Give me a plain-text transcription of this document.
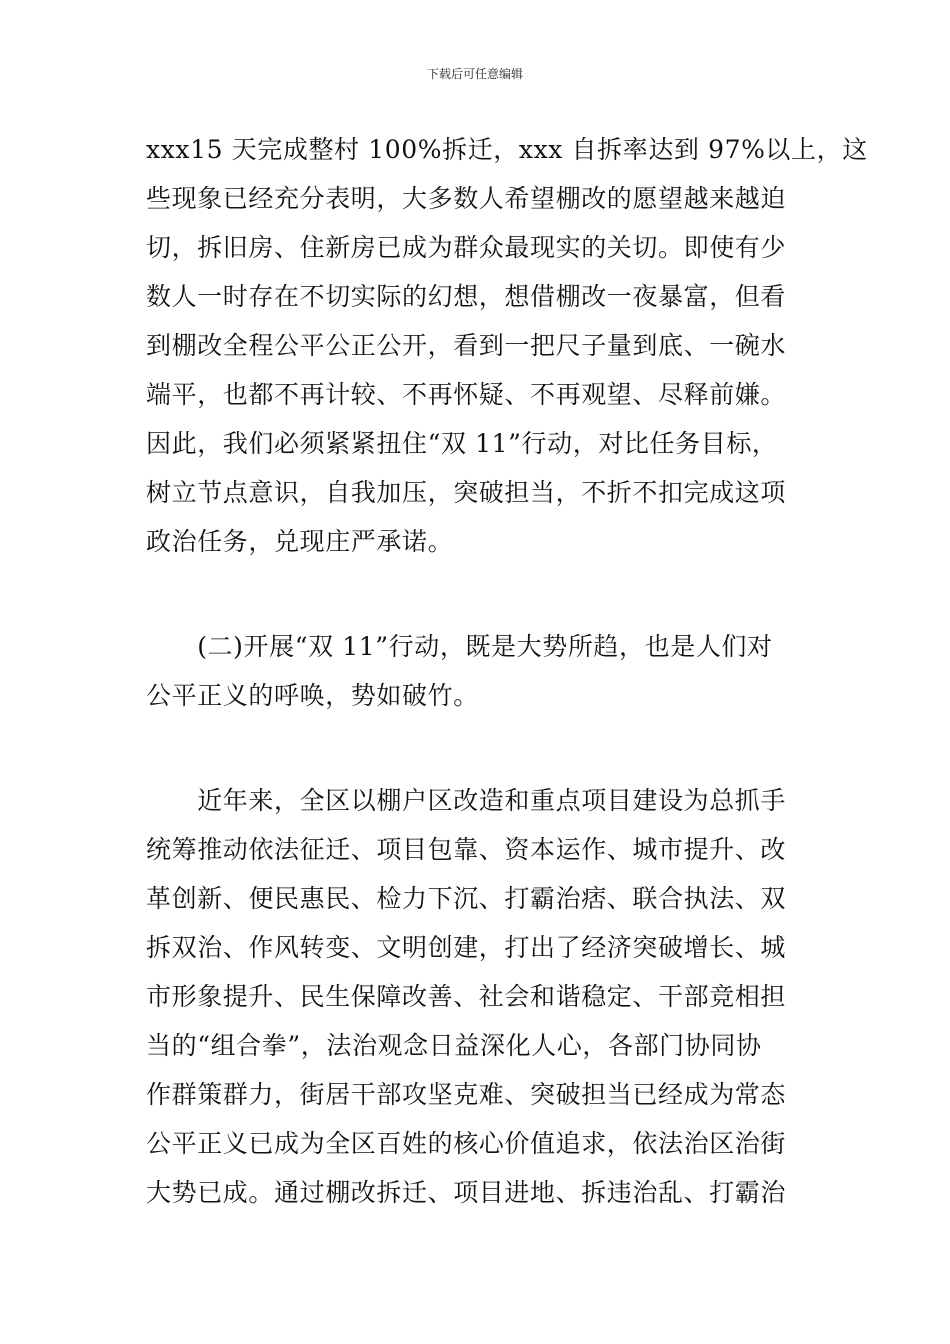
下载后可任意编辑
xxx15 天完成整村 100%拆迁，xxx 自拆率达到 97%以上，这
些现象已经充分表明，大多数人希望棚改的愿望越来越迫
切，拆旧房、住新房已成为群众最现实的关切。即使有少
数人一时存在不切实际的幻想，想借棚改一夜暴富，但看
到棚改全程公平公正公开，看到一把尺子量到底、一碗水
端平，也都不再计较、不再怀疑、不再观望、尽释前嫌。
因此，我们必须紧紧扭住“双 11”行动，对比任务目标，
树立节点意识，自我加压，突破担当，不折不扣完成这项
政治任务，兑现庄严承诺。
　　(二)开展“双 11”行动，既是大势所趋，也是人们对
公平正义的呼唤，势如破竹。
　　近年来，全区以棚户区改造和重点项目建设为总抓手
统筹推动依法征迁、项目包靠、资本运作、城市提升、改
革创新、便民惠民、检力下沉、打霸治痞、联合执法、双
拆双治、作风转变、文明创建，打出了经济突破增长、城
市形象提升、民生保障改善、社会和谐稳定、干部竞相担
当的“组合拳”，法治观念日益深化人心，各部门协同协
作群策群力，街居干部攻坚克难、突破担当已经成为常态
公平正义已成为全区百姓的核心价值追求，依法治区治街
大势已成。通过棚改拆迁、项目进地、拆违治乱、打霸治
